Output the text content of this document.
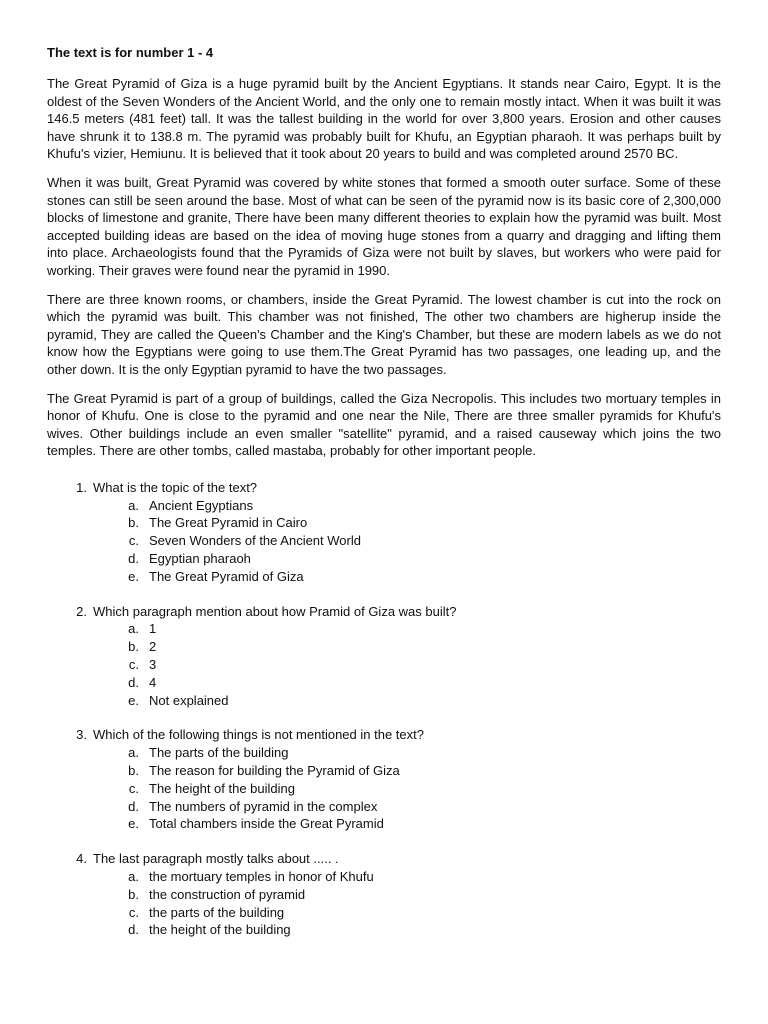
The text is for number 1 - 4

The Great Pyramid of Giza is a huge pyramid built by the Ancient Egyptians. It stands near Cairo, Egypt. It is the oldest of the Seven Wonders of the Ancient World, and the only one to remain mostly intact. When it was built it was 146.5 meters (481 feet) tall. It was the tallest building in the world for over 3,800 years. Erosion and other causes have shrunk it to 138.8 m. The pyramid was probably built for Khufu, an Egyptian pharaoh. It was perhaps built by Khufu's vizier, Hemiunu. It is believed that it took about 20 years to build and was completed around 2570 BC.

When it was built, Great Pyramid was covered by white stones that formed a smooth outer surface. Some of these stones can still be seen around the base. Most of what can be seen of the pyramid now is its basic core of 2,300,000 blocks of limestone and granite, There have been many different theories to explain how the pyramid was built. Most accepted building ideas are based on the idea of moving huge stones from a quarry and dragging and lifting them into place. Archaeologists found that the Pyramids of Giza were not built by slaves, but workers who were paid for working. Their graves were found near the pyramid in 1990.

There are three known rooms, or chambers, inside the Great Pyramid. The lowest chamber is cut into the rock on which the pyramid was built. This chamber was not finished, The other two chambers are higherup inside the pyramid, They are called the Queen's Chamber and the King's Chamber, but these are modern labels as we do not know how the Egyptians were going to use them.The Great Pyramid has two passages, one leading up, and the other down. It is the only Egyptian pyramid to have the two passages.

The Great Pyramid is part of a group of buildings, called the Giza Necropolis. This includes two mortuary temples in honor of Khufu. One is close to the pyramid and one near the Nile, There are three smaller pyramids for Khufu's wives. Other buildings include an even smaller "satellite" pyramid, and a raised causeway which joins the two temples. There are other tombs, called mastaba, probably for other important people.

1. What is the topic of the text?
a. Ancient Egyptians
b. The Great Pyramid in Cairo
c. Seven Wonders of the Ancient World
d. Egyptian pharaoh
e. The Great Pyramid of Giza
2. Which paragraph mention about how Pramid of Giza was built?
a. 1
b. 2
c. 3
d. 4
e. Not explained
3. Which of the following things is not mentioned in the text?
a. The parts of the building
b. The reason for building the Pyramid of Giza
c. The height of the building
d. The numbers of pyramid in the complex
e. Total chambers inside the Great Pyramid
4. The last paragraph mostly talks about ..... .
a. the mortuary temples in honor of Khufu
b. the construction of pyramid
c. the parts of the building
d. the height of the building
